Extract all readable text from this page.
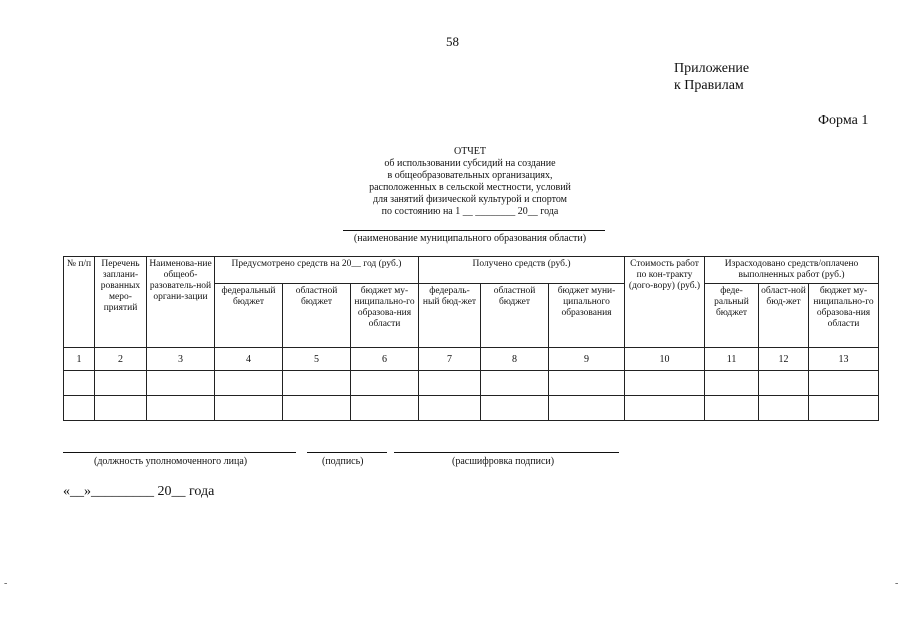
58
Приложение
к Правилам
Форма 1
ОТЧЕТ
об использовании субсидий на создание
в общеобразовательных организациях,
расположенных в сельской местности, условий
для занятий физической культурой и спортом
по состоянию на 1 __ ________ 20__ года
(наименование муниципального образования области)
№ п/п	Перечень заплани-рованных меро-приятий	Наименова-ние общеоб-разователь-ной органи-зации	Предусмотрено средств на 20__ год (руб.)			Получено средств (руб.)			Стоимость работ по кон-тракту (дого-вору) (руб.)	Израсходовано средств/оплачено выполненных работ (руб.)		
			федеральный бюджет	областной бюджет	бюджет му-ниципально-го образова-ния области	федераль-ный бюд-жет	областной бюджет	бюджет муни-ципального образования		феде-ральный бюджет	област-ной бюд-жет	бюджет му-ниципально-го образова-ния области
1	2	3	4	5	6	7	8	9	10	11	12	13

(должность уполномоченного лица)	(подпись)	(расшифровка подписи)
«__»_________ 20__ года
-	-
